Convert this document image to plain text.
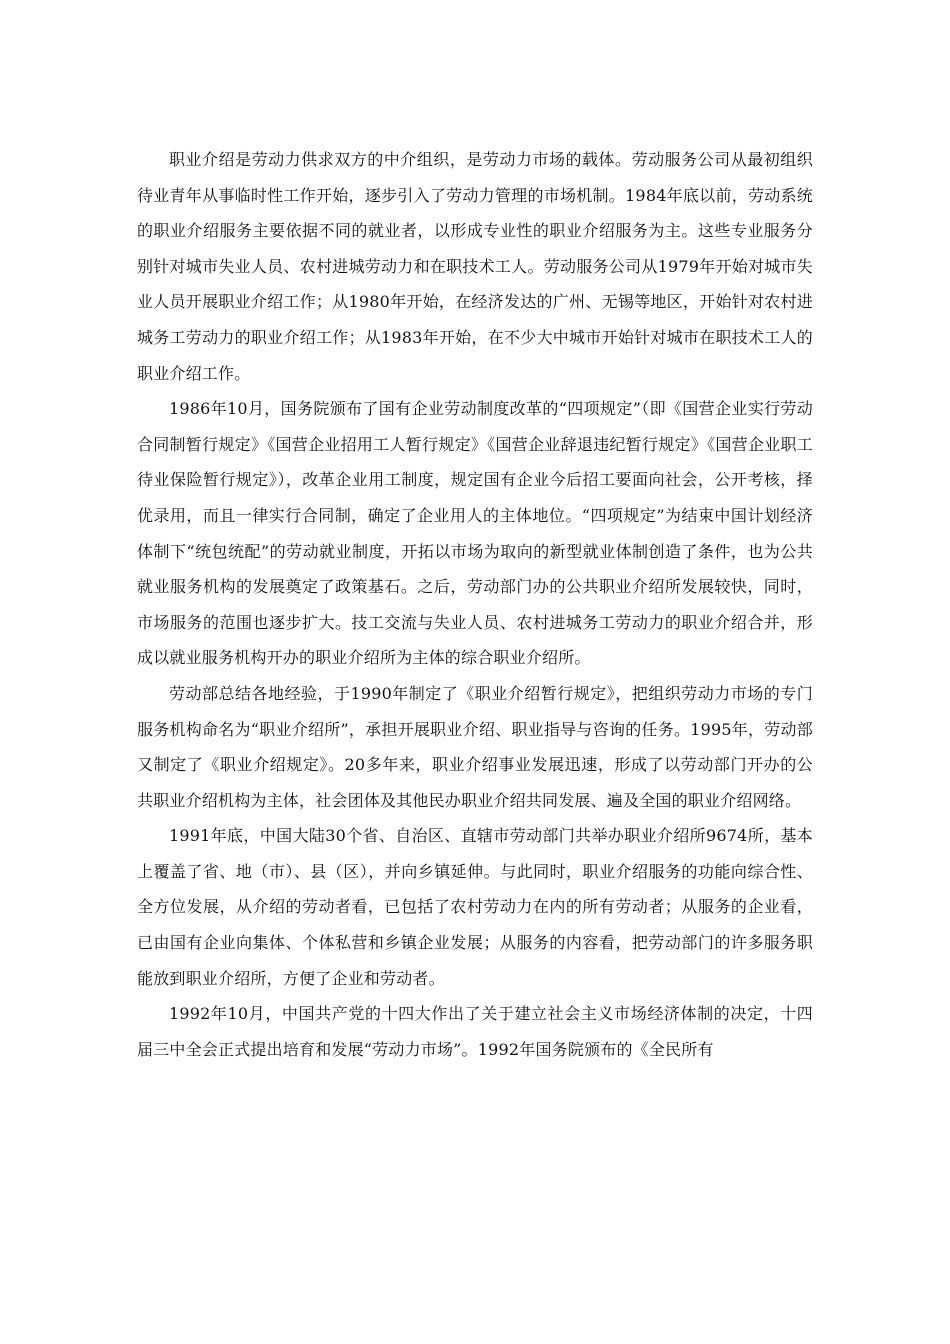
职业介绍是劳动力供求双方的中介组织，是劳动力市场的载体。劳动服务公司从最初组织待业青年从事临时性工作开始，逐步引入了劳动力管理的市场机制。1984年底以前，劳动系统的职业介绍服务主要依据不同的就业者，以形成专业性的职业介绍服务为主。这些专业服务分别针对城市失业人员、农村进城劳动力和在职技术工人。劳动服务公司从1979年开始对城市失业人员开展职业介绍工作；从1980年开始，在经济发达的广州、无锡等地区，开始针对农村进城务工劳动力的职业介绍工作；从1983年开始，在不少大中城市开始针对城市在职技术工人的职业介绍工作。

1986年10月，国务院颁布了国有企业劳动制度改革的“四项规定”（即《国营企业实行劳动合同制暂行规定》《国营企业招用工人暂行规定》《国营企业辞退违纪暂行规定》《国营企业职工待业保险暂行规定》），改革企业用工制度，规定国有企业今后招工要面向社会，公开考核，择优录用，而且一律实行合同制，确定了企业用人的主体地位。“四项规定”为结束中国计划经济体制下“统包统配”的劳动就业制度，开拓以市场为取向的新型就业体制创造了条件，也为公共就业服务机构的发展奠定了政策基石。之后，劳动部门办的公共职业介绍所发展较快，同时，市场服务的范围也逐步扩大。技工交流与失业人员、农村进城务工劳动力的职业介绍合并，形成以就业服务机构开办的职业介绍所为主体的综合职业介绍所。

劳动部总结各地经验，于1990年制定了《职业介绍暂行规定》，把组织劳动力市场的专门服务机构命名为“职业介绍所”，承担开展职业介绍、职业指导与咨询的任务。1995年，劳动部又制定了《职业介绍规定》。20多年来，职业介绍事业发展迅速，形成了以劳动部门开办的公共职业介绍机构为主体，社会团体及其他民办职业介绍共同发展、遍及全国的职业介绍网络。

1991年底，中国大陆30个省、自治区、直辖市劳动部门共举办职业介绍所9674所，基本上覆盖了省、地（市）、县（区），并向乡镇延伸。与此同时，职业介绍服务的功能向综合性、全方位发展，从介绍的劳动者看，已包括了农村劳动力在内的所有劳动者；从服务的企业看，已由国有企业向集体、个体私营和乡镇企业发展；从服务的内容看，把劳动部门的许多服务职能放到职业介绍所，方便了企业和劳动者。

1992年10月，中国共产党的十四大作出了关于建立社会主义市场经济体制的决定，十四届三中全会正式提出培育和发展“劳动力市场”。1992年国务院颁布的《全民所有
